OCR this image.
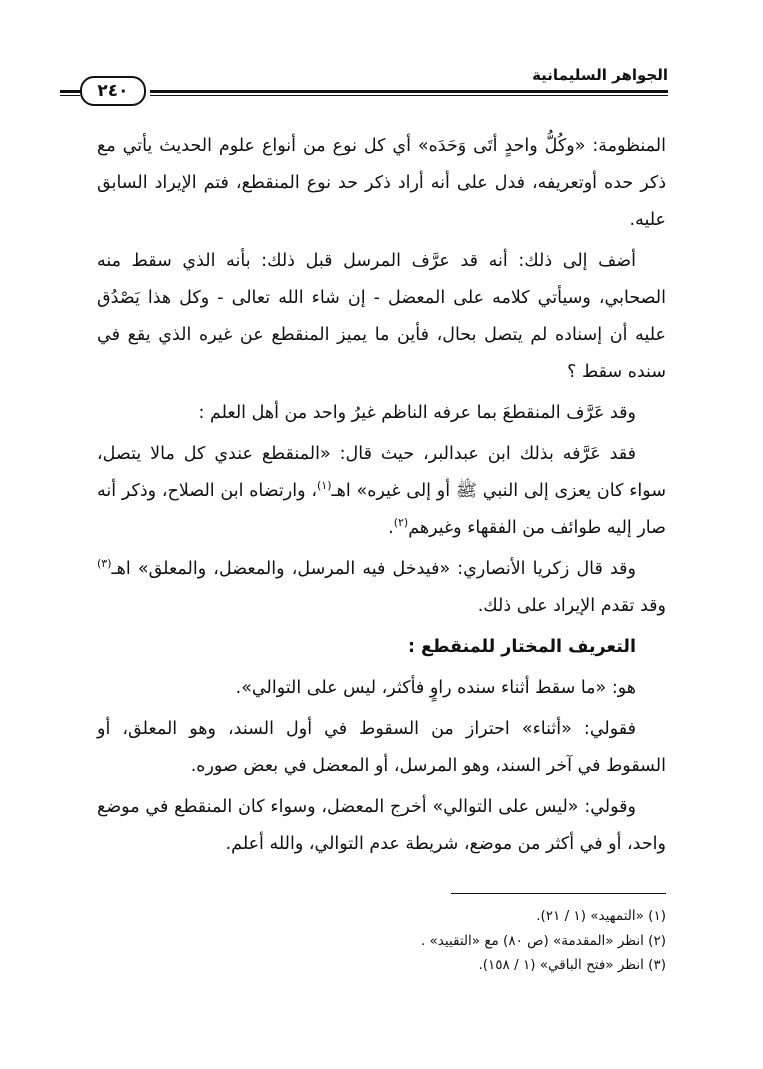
الجواهر السليمانية
٢٤٠

المنظومة: «وكُلُّ واحدٍ أتَى وَحَدَه» أي كل نوع من أنواع علوم الحديث يأتي مع ذكر حده أوتعريفه، فدل على أنه أراد ذكر حد نوع المنقطع، فتم الإيراد السابق عليه.

أضف إلى ذلك: أنه قد عرَّف المرسل قبل ذلك: بأنه الذي سقط منه الصحابي، وسيأتي كلامه على المعضل - إن شاء الله تعالى - وكل هذا يَصْدُق عليه أن إسناده لم يتصل بحال، فأين ما يميز المنقطع عن غيره الذي يقع في سنده سقط ؟

وقد عَرَّف المنقطعَ بما عرفه الناظم غيرُ واحد من أهل العلم :

فقد عَرَّفه بذلك ابن عبدالبر، حيث قال: «المنقطع عندي كل مالا يتصل، سواء كان يعزى إلى النبي ﷺ أو إلى غيره» اهـ$^{(١)}$، وارتضاه ابن الصلاح، وذكر أنه صار إليه طوائف من الفقهاء وغيرهم$^{(٢)}$.

وقد قال زكريا الأنصاري: «فيدخل فيه المرسل، والمعضل، والمعلق» اهـ$^{(٣)}$ وقد تقدم الإيراد على ذلك.

التعريف المختار للمنقطع :

هو: «ما سقط أثناء سنده راوٍ فأكثر، ليس على التوالي».

فقولي: «أثناء» احتراز من السقوط في أول السند، وهو المعلق، أو السقوط في آخر السند، وهو المرسل، أو المعضل في بعض صوره.

وقولي: «ليس على التوالي» أخرج المعضل، وسواء كان المنقطع في موضع واحد، أو في أكثر من موضع، شريطة عدم التوالي، والله أعلم.

(١) «التمهيد» (١ / ٢١).

(٢) انظر «المقدمة» (ص ٨٠) مع «التقييد» .

(٣) انظر «فتح الباقي» (١ / ١٥٨).
